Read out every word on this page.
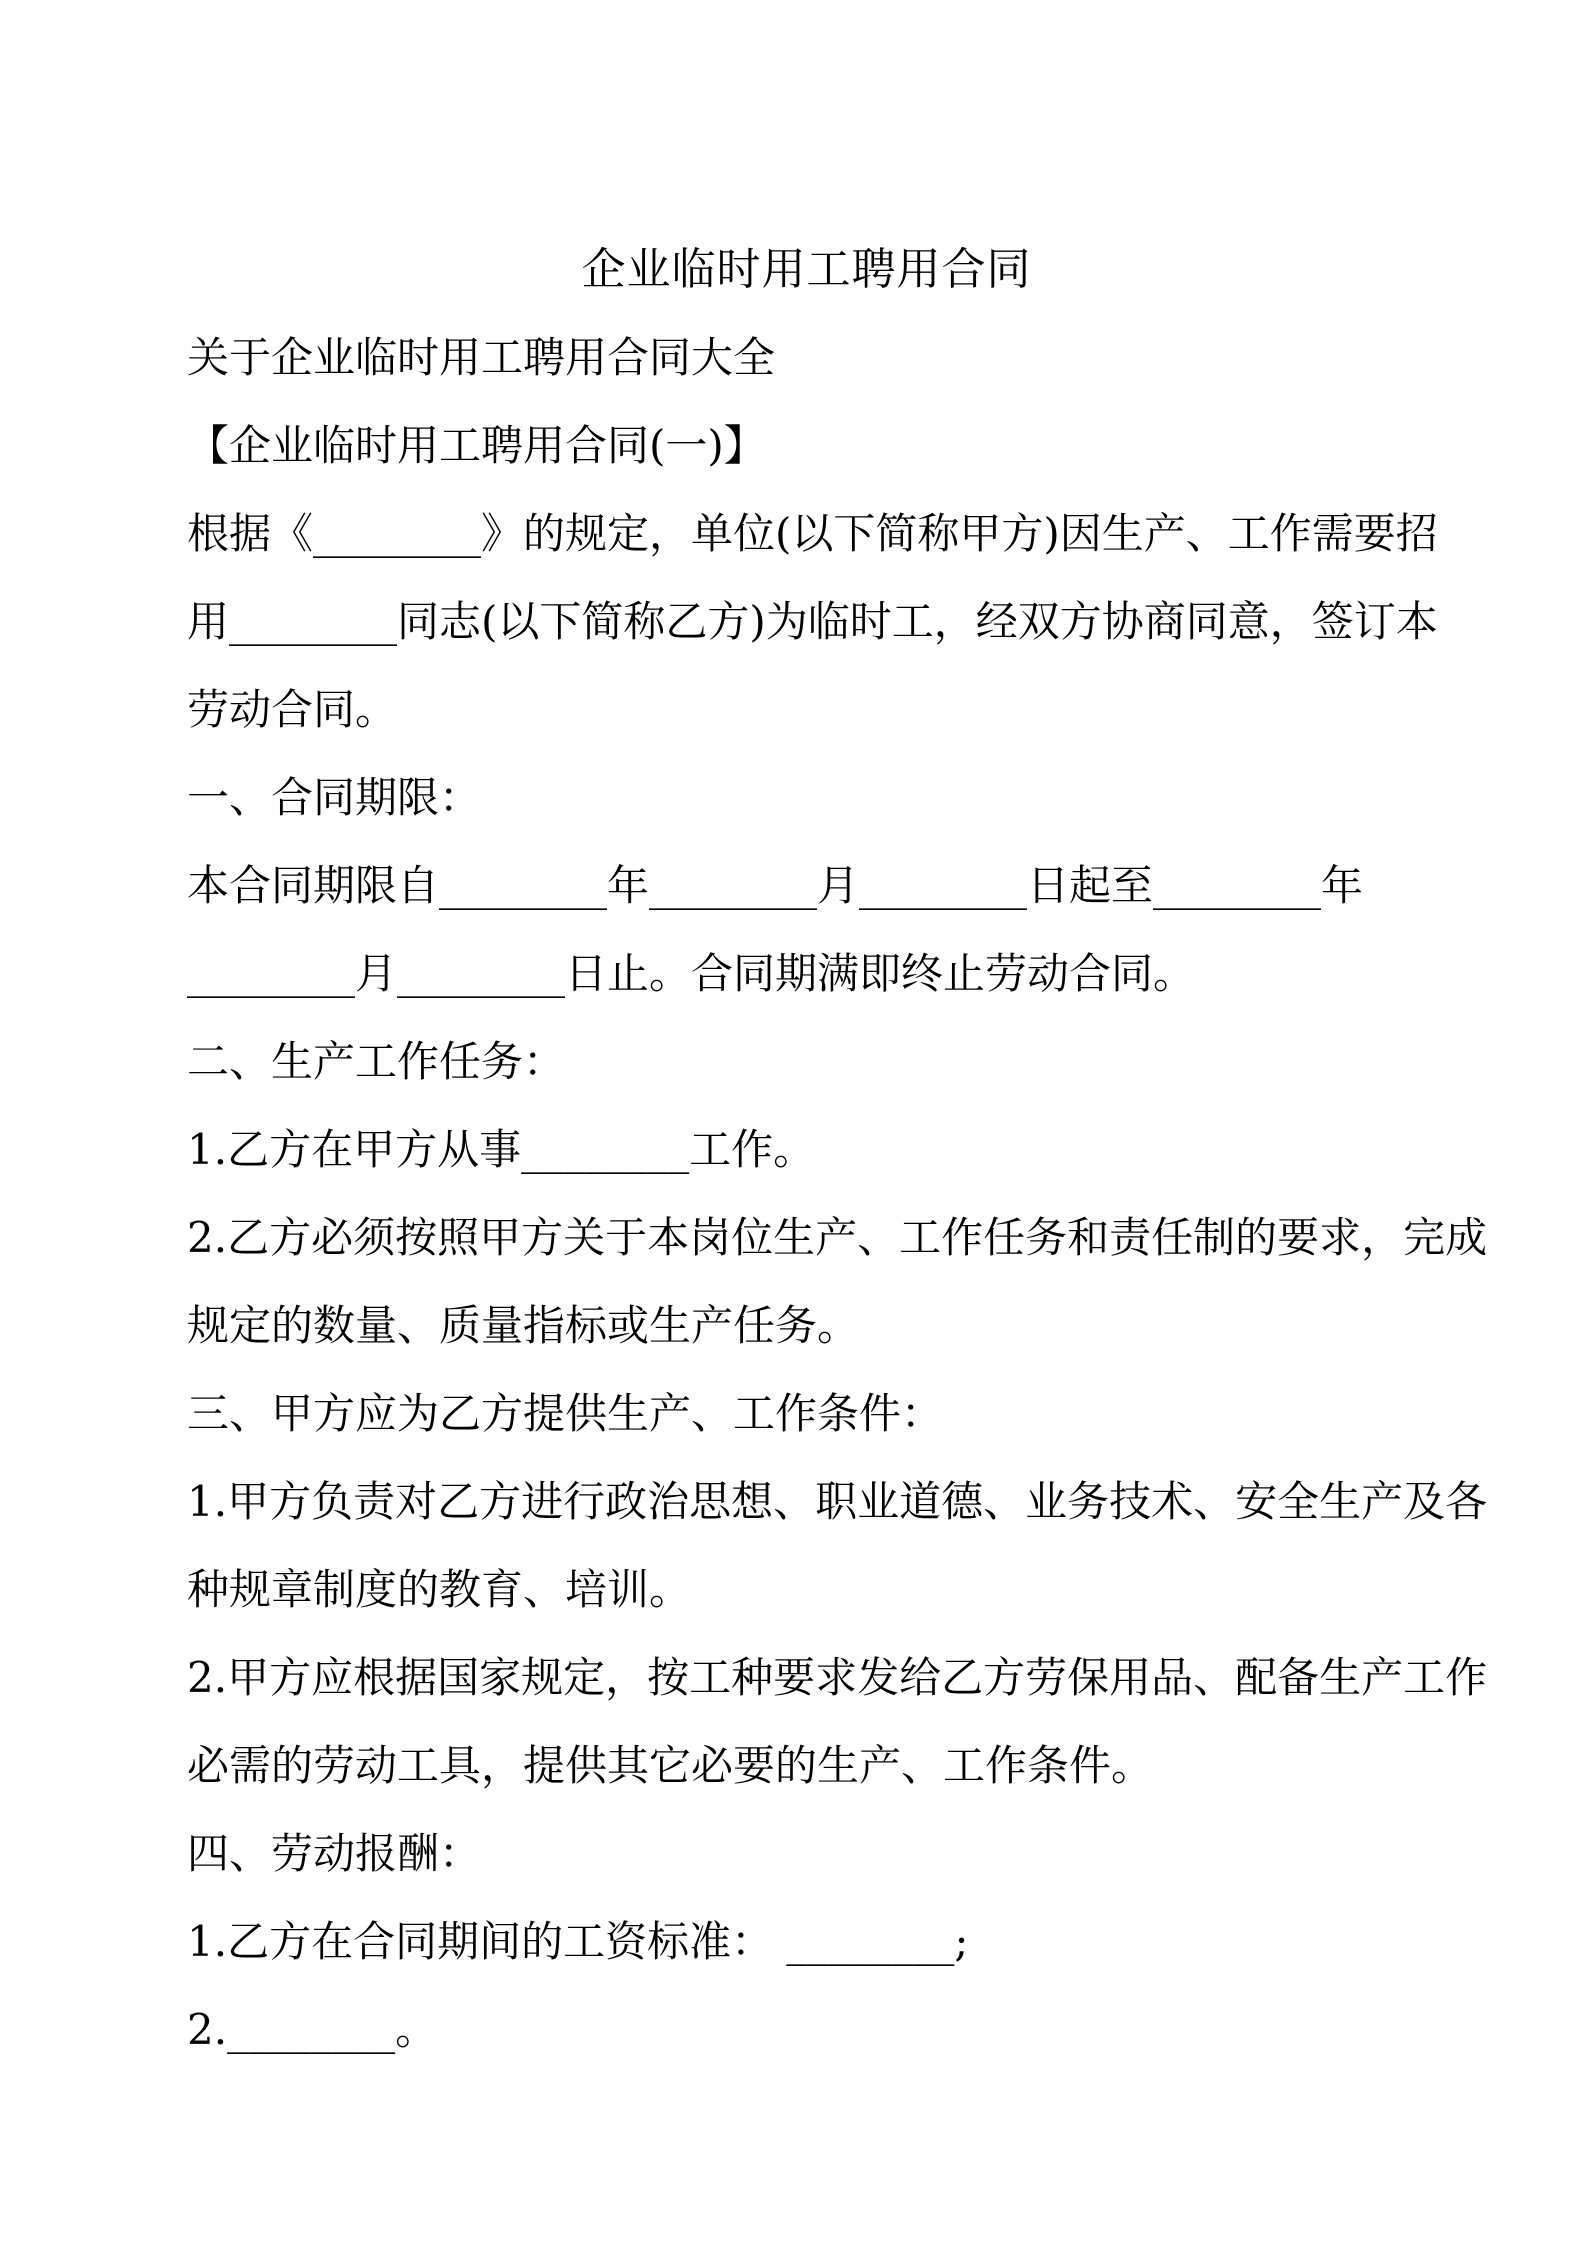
企业临时用工聘用合同
关于企业临时用工聘用合同大全
【企业临时用工聘用合同(一)】
根据《________》的规定，单位(以下简称甲方)因生产、工作需要招
用________同志(以下简称乙方)为临时工，经双方协商同意，签订本
劳动合同。
一、合同期限：
本合同期限自________年________月________日起至________年
________月________日止。合同期满即终止劳动合同。
二、生产工作任务：
1.乙方在甲方从事________工作。
2.乙方必须按照甲方关于本岗位生产、工作任务和责任制的要求，完成
规定的数量、质量指标或生产任务。
三、甲方应为乙方提供生产、工作条件：
1.甲方负责对乙方进行政治思想、职业道德、业务技术、安全生产及各
种规章制度的教育、培训。
2.甲方应根据国家规定，按工种要求发给乙方劳保用品、配备生产工作
必需的劳动工具，提供其它必要的生产、工作条件。
四、劳动报酬：
1.乙方在合同期间的工资标准： ________;
2.________。
